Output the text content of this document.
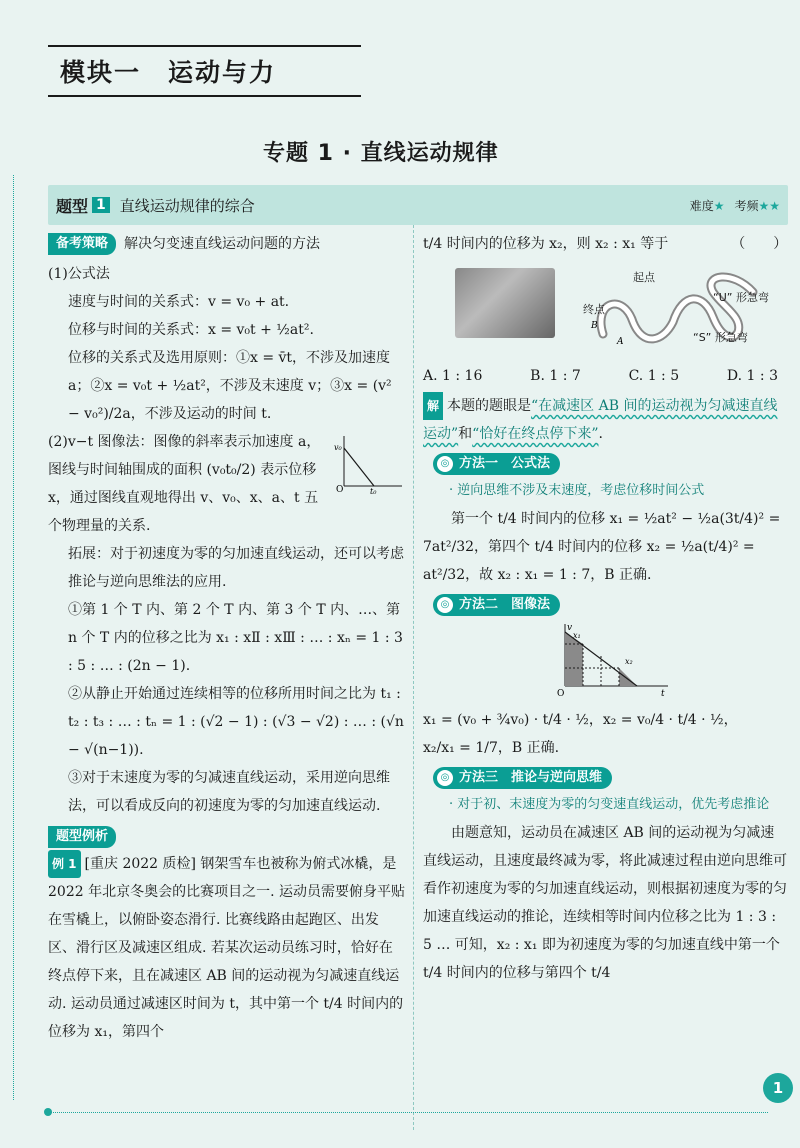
模块一　运动与力
专题 1 · 直线运动规律
题型 1 直线运动规律的综合	难度★ 考频★★
备考策略	解决匀变速直线运动问题的方法

(1)公式法

速度与时间的关系式：v = v₀ + at.

位移与时间的关系式：x = v₀t + ½at².

位移的关系式及选用原则：①x = v̄t，不涉及加速度 a；②x = v₀t + ½at²，不涉及末速度 v；③x = (v² − v₀²)/2a，不涉及运动的时间 t.

O	t₀
v₀

(2)v−t 图像法：图像的斜率表示加速度 a，图线与时间轴围成的面积 (v₀t₀/2) 表示位移 x，通过图线直观地得出 v、v₀、x、a、t 五个物理量的关系.

拓展：对于初速度为零的匀加速直线运动，还可以考虑推论与逆向思维法的应用.

①第 1 个 T 内、第 2 个 T 内、第 3 个 T 内、…、第 n 个 T 内的位移之比为 x₁ : xⅡ : xⅢ : … : xₙ = 1 : 3 : 5 : … : (2n − 1).

②从静止开始通过连续相等的位移所用时间之比为 t₁ : t₂ : t₃ : … : tₙ = 1 : (√2 − 1) : (√3 − √2) : … : (√n − √(n−1)).

③对于末速度为零的匀减速直线运动，采用逆向思维法，可以看成反向的初速度为零的匀加速直线运动.

题型例析

例 1 [重庆 2022 质检] 钢架雪车也被称为俯式冰橇，是 2022 年北京冬奥会的比赛项目之一. 运动员需要俯身平贴在雪橇上，以俯卧姿态滑行. 比赛线路由起跑区、出发区、滑行区及减速区组成. 若某次运动员练习时，恰好在终点停下来，且在减速区 AB 间的运动视为匀减速直线运动. 运动员通过减速区时间为 t，其中第一个 t/4 时间内的位移为 x₁，第四个

t/4 时间内的位移为 x₂，则 x₂ : x₁ 等于　　　　　（　　）

B
A
起点
终点
“U” 形急弯
“S” 形急弯
A. 1 : 16	B. 1 : 7	C. 1 : 5	D. 1 : 3

解 本题的题眼是“在减速区 AB 间的运动视为匀减速直线运动”和“恰好在终点停下来”.

◎ 方法一　公式法

· 逆向思维不涉及末速度，考虑位移时间公式

第一个 t/4 时间内的位移 x₁ = ½at² − ½a(3t/4)² = 7at²/32，第四个 t/4 时间内的位移 x₂ = ½a(t/4)² = at²/32，故 x₂ : x₁ = 1 : 7，B 正确.

◎ 方法二　图像法
O	t
v
x₁
x₂

x₁ = (v₀ + ¾v₀) · t/4 · ½，x₂ = v₀/4 · t/4 · ½，

x₂/x₁ = 1/7，B 正确.

◎ 方法三　推论与逆向思维

· 对于初、末速度为零的匀变速直线运动，优先考虑推论

由题意知，运动员在减速区 AB 间的运动视为匀减速直线运动，且速度最终减为零，将此减速过程由逆向思维可看作初速度为零的匀加速直线运动，则根据初速度为零的匀加速直线运动的推论，连续相等时间内位移之比为 1 : 3 : 5 … 可知，x₂ : x₁ 即为初速度为零的匀加速直线中第一个 t/4 时间内的位移与第四个 t/4

1
